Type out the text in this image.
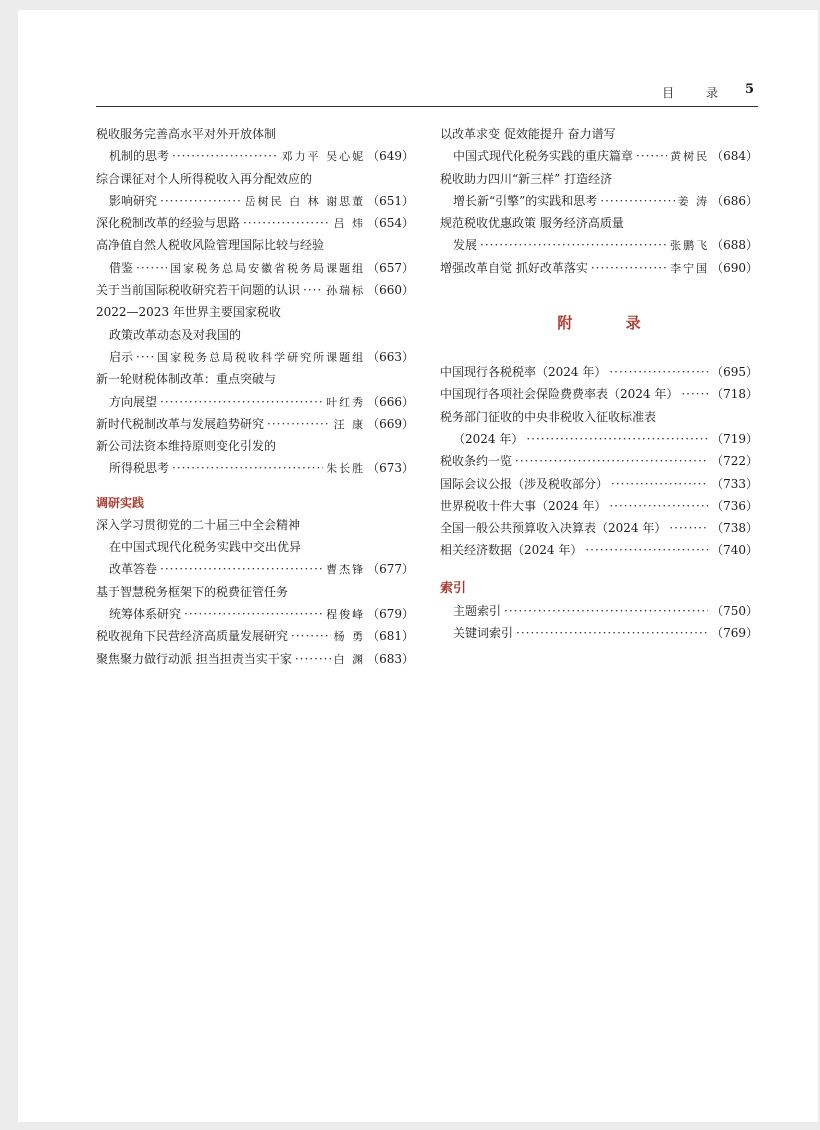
目 录 5
税收服务完善高水平对外开放体制
机制的思考 ·····	邓力平 吴心妮 （649）
综合课征对个人所得税收入再分配效应的
影响研究 ·····	岳树民 白 林 谢思董 （651）
深化税制改革的经验与思路 ·····	吕 炜 （654）
高净值自然人税收风险管理国际比较与经验
借鉴 ·····	国家税务总局安徽省税务局课题组 （657）
关于当前国际税收研究若干问题的认识 ····· 孙瑞标 （660）
2022—2023 年世界主要国家税收
政策改革动态及对我国的
启示 ····· 国家税务总局税收科学研究所课题组 （663）
新一轮财税体制改革：重点突破与
方向展望 ·····	叶红秀 （666）
新时代税制改革与发展趋势研究 ·····	汪 康 （669）
新公司法资本维持原则变化引发的
所得税思考 ·····	朱长胜 （673）
调研实践
深入学习贯彻党的二十届三中全会精神
在中国式现代化税务实践中交出优异
改革答卷 ·····	曹杰锋 （677）
基于智慧税务框架下的税费征管任务
统筹体系研究 ·····	程俊峰 （679）
税收视角下民营经济高质量发展研究 ·····	杨 勇 （681）
聚焦聚力做行动派 担当担责当实干家 ·····	白 渊 （683）
以改革求变 促效能提升 奋力谱写
中国式现代化税务实践的重庆篇章 ·····	黄树民 （684）
税收助力四川“新三样” 打造经济
增长新“引擎”的实践和思考 ·····	姜 涛 （686）
规范税收优惠政策 服务经济高质量
发展 ·····	张鹏飞 （688）
增强改革自觉 抓好改革落实 ·····	李宁国 （690）
附 录
中国现行各税税率（2024 年） ·····	（695）
中国现行各项社会保险费费率表（2024 年） ·····	（718）
税务部门征收的中央非税收入征收标准表
（2024 年） ·····	（719）
税收条约一览 ·····	（722）
国际会议公报（涉及税收部分） ·····	（733）
世界税收十件大事（2024 年） ·····	（736）
全国一般公共预算收入决算表（2024 年） ·····	（738）
相关经济数据（2024 年） ·····	（740）
索引
主题索引 ·····	（750）
关键词索引 ·····	（769）
